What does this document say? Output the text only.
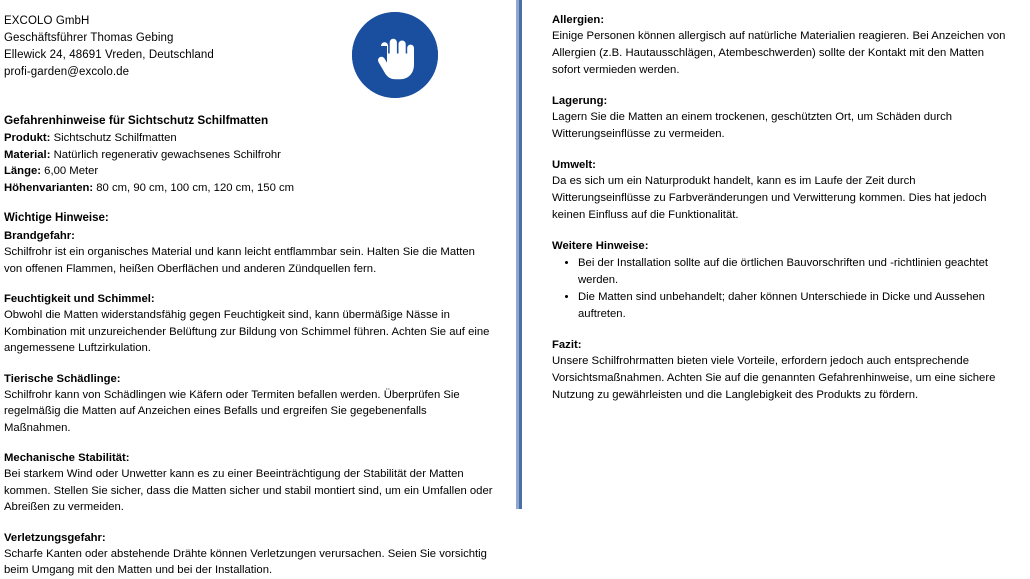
EXCOLO GmbH
Geschäftsführer Thomas Gebing
Ellewick 24, 48691 Vreden, Deutschland
profi-garden@excolo.de
Gefahrenhinweise für Sichtschutz Schilfmatten
Produkt: Sichtschutz Schilfmatten
Material: Natürlich regenerativ gewachsenes Schilfrohr
Länge: 6,00 Meter
Höhenvarianten: 80 cm, 90 cm, 100 cm, 120 cm, 150 cm
Wichtige Hinweise:
Brandgefahr:
Schilfrohr ist ein organisches Material und kann leicht entflammbar sein. Halten Sie die Matten von offenen Flammen, heißen Oberflächen und anderen Zündquellen fern.
Feuchtigkeit und Schimmel:
Obwohl die Matten widerstandsfähig gegen Feuchtigkeit sind, kann übermäßige Nässe in Kombination mit unzureichender Belüftung zur Bildung von Schimmel führen. Achten Sie auf eine angemessene Luftzirkulation.
Tierische Schädlinge:
Schilfrohr kann von Schädlingen wie Käfern oder Termiten befallen werden. Überprüfen Sie regelmäßig die Matten auf Anzeichen eines Befalls und ergreifen Sie gegebenenfalls Maßnahmen.
Mechanische Stabilität:
Bei starkem Wind oder Unwetter kann es zu einer Beeinträchtigung der Stabilität der Matten kommen. Stellen Sie sicher, dass die Matten sicher und stabil montiert sind, um ein Umfallen oder Abreißen zu vermeiden.
Verletzungsgefahr:
Scharfe Kanten oder abstehende Drähte können Verletzungen verursachen. Seien Sie vorsichtig beim Umgang mit den Matten und bei der Installation.
Allergien:
Einige Personen können allergisch auf natürliche Materialien reagieren. Bei Anzeichen von Allergien (z.B. Hautausschlägen, Atembeschwerden) sollte der Kontakt mit den Matten sofort vermieden werden.
Lagerung:
Lagern Sie die Matten an einem trockenen, geschützten Ort, um Schäden durch Witterungseinflüsse zu vermeiden.
Umwelt:
Da es sich um ein Naturprodukt handelt, kann es im Laufe der Zeit durch Witterungseinflüsse zu Farbveränderungen und Verwitterung kommen. Dies hat jedoch keinen Einfluss auf die Funktionalität.
Weitere Hinweise:
• Bei der Installation sollte auf die örtlichen Bauvorschriften und -richtlinien geachtet werden.
• Die Matten sind unbehandelt; daher können Unterschiede in Dicke und Aussehen auftreten.
Fazit:
Unsere Schilfrohrmatten bieten viele Vorteile, erfordern jedoch auch entsprechende Vorsichtsmaßnahmen. Achten Sie auf die genannten Gefahrenhinweise, um eine sichere Nutzung zu gewährleisten und die Langlebigkeit des Produkts zu fördern.
